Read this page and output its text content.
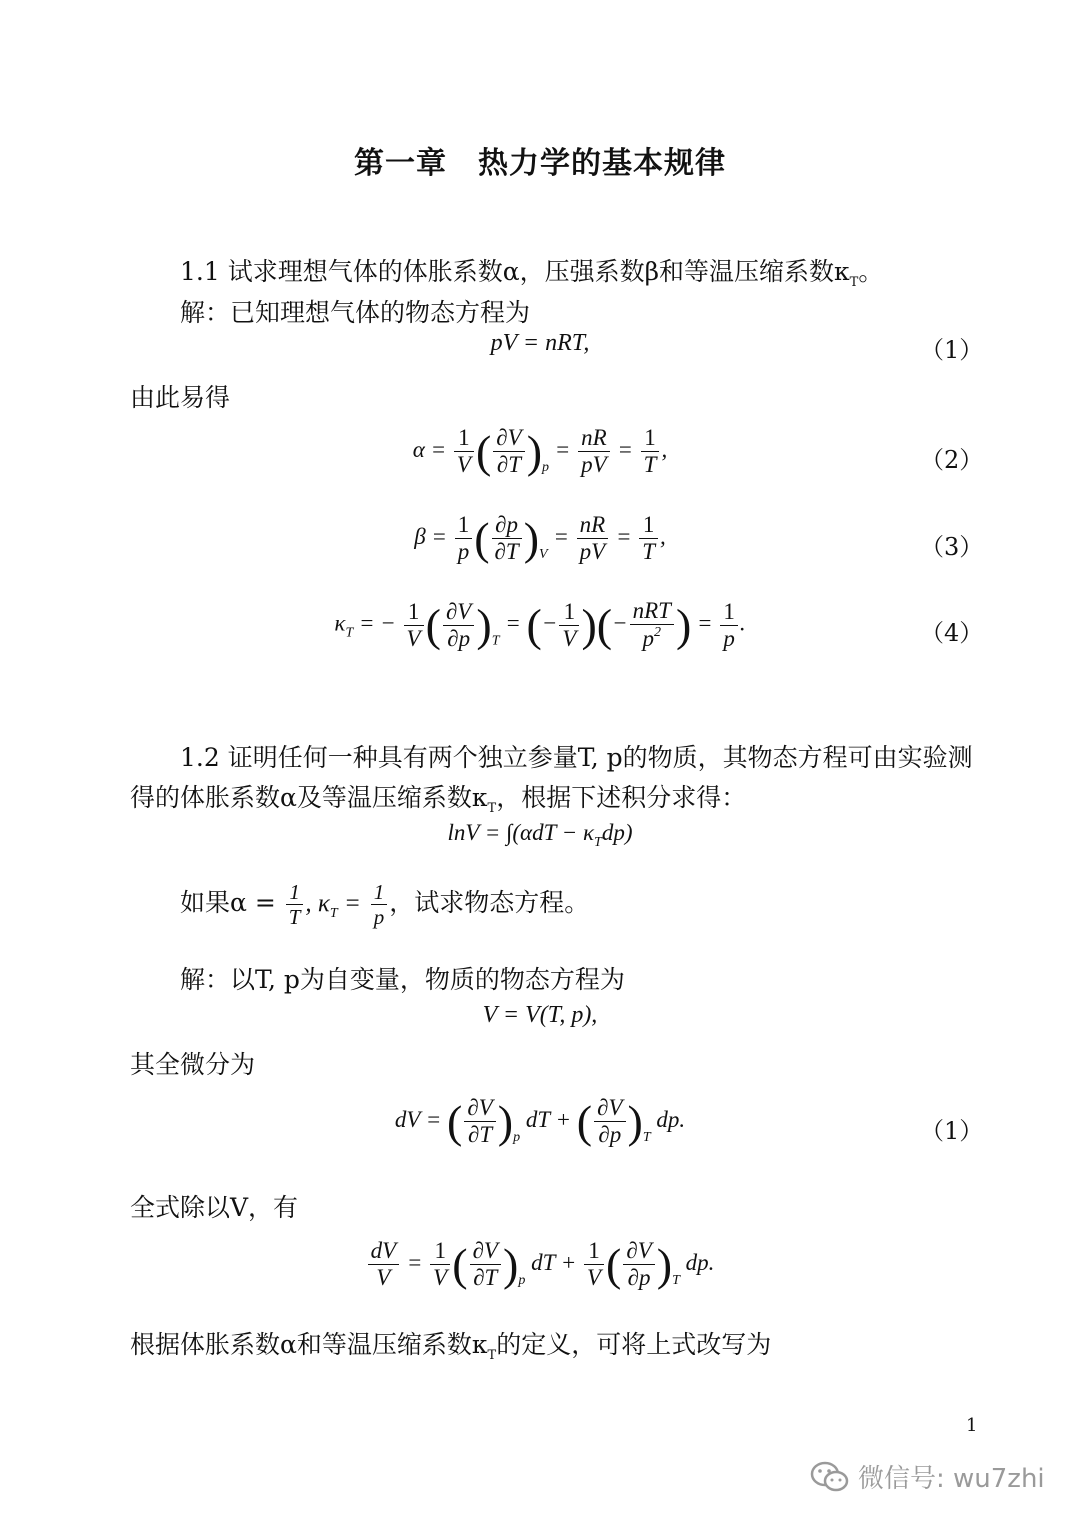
第一章　热力学的基本规律
1.1 试求理想气体的体胀系数α，压强系数β和等温压缩系数$\kappa_T$。
解：已知理想气体的物态方程为
pV = nRT,	（1）
由此易得
$\alpha = \frac{1}{V}$ ( $\frac{\partial V}{\partial T} )_p = \frac{nR}{pV} = \frac{1}{T}$ ,	（2）
$\beta = \frac{1}{p}$ ( $\frac{\partial p}{\partial T} )_V = \frac{nR}{pV} = \frac{1}{T}$ ,	（3）
$\kappa_T$ = − $\frac{1}{V}$ ( $\frac{\partial V}{\partial p} )_T$ = (− $\frac{1}{V}$ )(− $\frac{\text{nRT}}{p^2}$ ) = $\frac{1}{p}$ .	（4）
1.2 证明任何一种具有两个独立参量T, p的物质，其物态方程可由实验测
得的体胀系数α及等温压缩系数$\kappa_T$，根据下述积分求得：
$\ln V = \int(\alpha dT - \kappa_Tdp)$
如果$\alpha = \frac{1}{T}$ , $\kappa_T = \frac{1}{p}$ ，试求物态方程。
解：以T, p为自变量，物质的物态方程为
V = V(T, p),
其全微分为
dV = ( $\frac{\partial V}{\partial T} )_p$ dT + ( $\frac{\partial V}{\partial p} )_T$ dp.	（1）
全式除以V，有
$\frac{dV}{V} = \frac{1}{V}$ ( $\frac{\partial V}{\partial T} )_p$ dT + $\frac{1}{V}$ ( $\frac{\partial V}{\partial p} )_T$ dp.
根据体胀系数α和等温压缩系数$\kappa_T$的定义，可将上式改写为
1
微信号: wu7zhi
